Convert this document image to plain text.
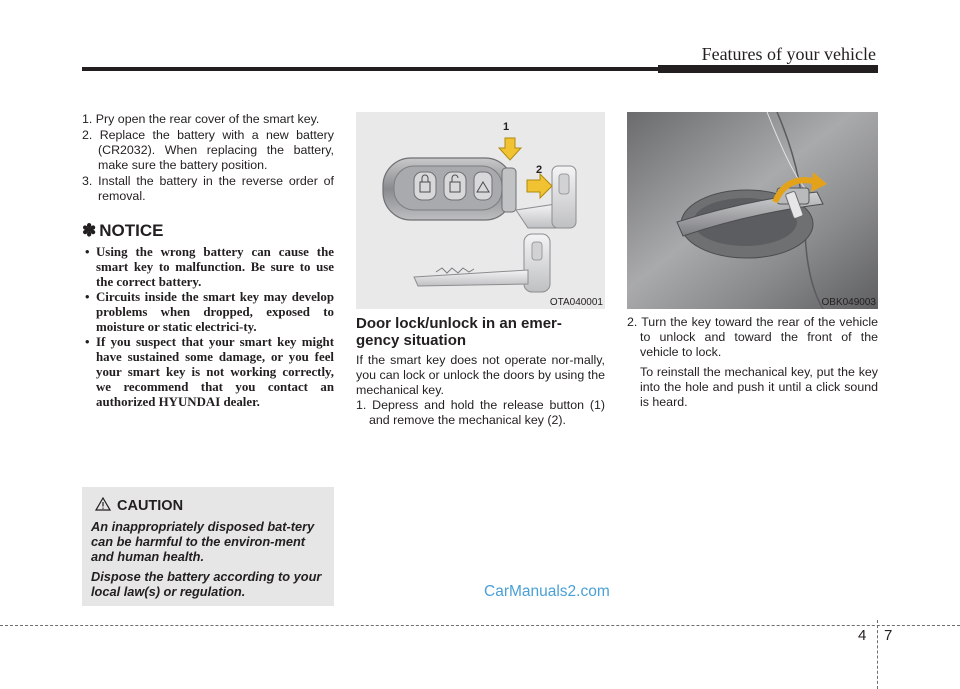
Features of your vehicle
1. Pry open the rear cover of the smart key.
2. Replace the battery with a new battery (CR2032). When replacing the battery, make sure the battery position.
3. Install the battery in the reverse order of removal.
✽ NOTICE
• Using the wrong battery can cause the smart key to malfunction. Be sure to use the correct battery.
• Circuits inside the smart key may develop problems when dropped, exposed to moisture or static electrici-ty.
• If you suspect that your smart key might have sustained some damage, or you feel your smart key is not working correctly, we recommend that you contact an authorized HYUNDAI dealer.
CAUTION

An inappropriately disposed bat-tery can be harmful to the environ-ment and human health.

Dispose the battery according to your local law(s) or regulation.

1
2
OTA040001	OBK049003
Door lock/unlock in an emer-gency situation

If the smart key does not operate nor-mally, you can lock or unlock the doors by using the mechanical key.

1. Depress and hold the release button (1) and remove the mechanical key (2).

2. Turn the key toward the rear of the vehicle to unlock and toward the front of the vehicle to lock.

To reinstall the mechanical key, put the key into the hole and push it until a click sound is heard.

CarManuals2.com
4 7
